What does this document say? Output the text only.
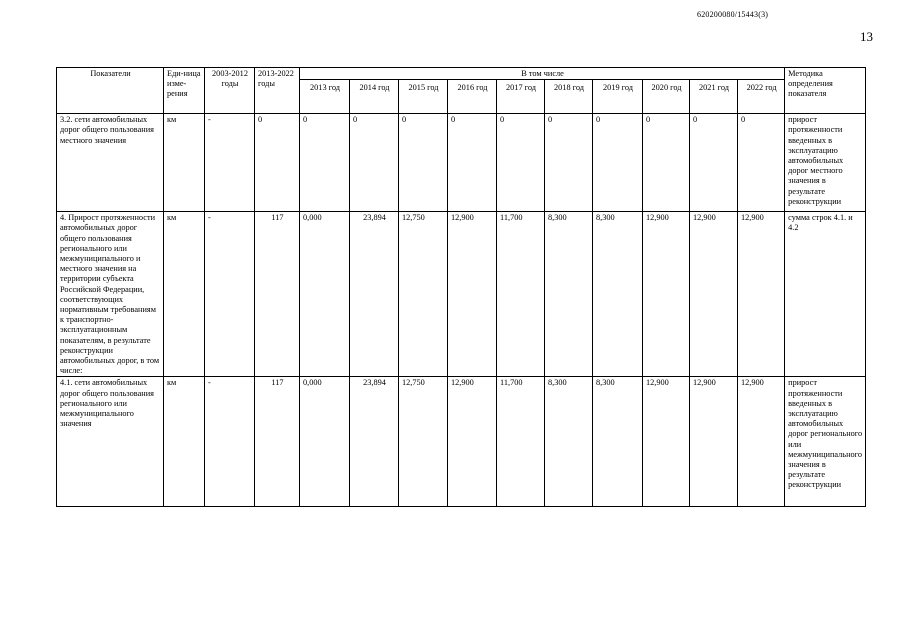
620200080/15443(3)
13
Показатели	Еди-ница изме-рения	2003-2012 годы	2013-2022 годы	В том числе										Методика определения показателя
				2013 год	2014 год	2015 год	2016 год	2017 год	2018 год	2019 год	2020 год	2021 год	2022 год	
3.2. сети автомобильных дорог общего пользования местного значения	км	-	0	0	0	0	0	0	0	0	0	0	0	прирост протяженности введенных в эксплуатацию автомобильных дорог местного значения в результате реконструкции
4. Прирост протяженности автомобильных дорог общего пользования регионального или межмуниципального и местного значения на территории субъекта Российской Федерации, соответствующих нормативным требованиям к транспортно-эксплуатационным показателям, в результате реконструкции автомобильных дорог, в том числе:	км	-	117	0,000	23,894	12,750	12,900	11,700	8,300	8,300	12,900	12,900	12,900	сумма строк 4.1. и 4.2
4.1. сети автомобильных дорог общего пользования регионального или межмуниципального значения	км	-	117	0,000	23,894	12,750	12,900	11,700	8,300	8,300	12,900	12,900	12,900	прирост протяженности введенных в эксплуатацию автомобильных дорог регионального или межмуниципального значения в результате реконструкции
